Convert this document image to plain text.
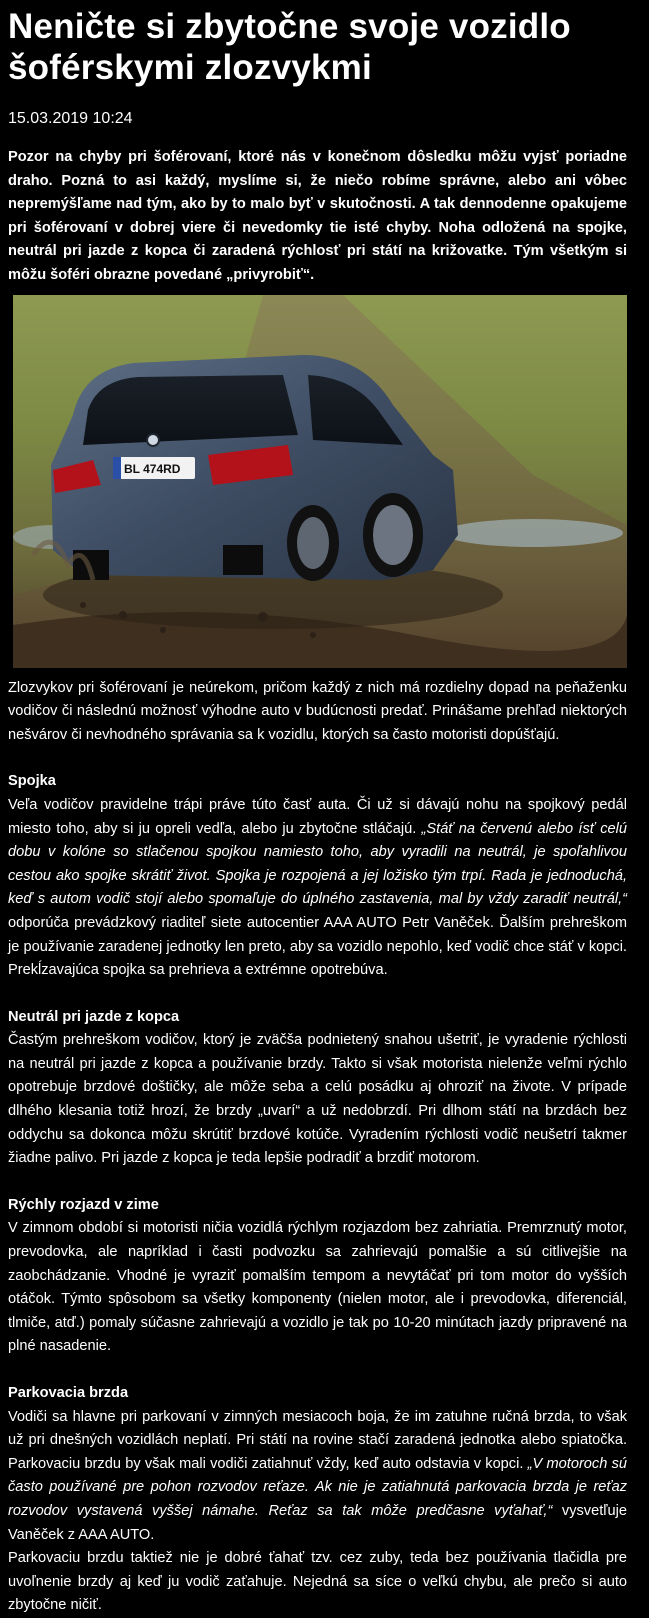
Neničte si zbytočne svoje vozidlo šoférskymi zlozvykmi
15.03.2019 10:24

Pozor na chyby pri šoférovaní, ktoré nás v konečnom dôsledku môžu vyjsť poriadne draho. Pozná to asi každý, myslíme si, že niečo robíme správne, alebo ani vôbec nepremýšľame nad tým, ako by to malo byť v skutočnosti. A tak dennodenne opakujeme pri šoférovaní v dobrej viere či nevedomky tie isté chyby. Noha odložená na spojke, neutrál pri jazde z kopca či zaradená rýchlosť pri státí na križovatke. Tým všetkým si môžu šoféri obrazne povedané „privyrobiť“.

BL 474RD

Zlozvykov pri šoférovaní je neúrekom, pričom každý z nich má rozdielny dopad na peňaženku vodičov či následnú možnosť výhodne auto v budúcnosti predať. Prinášame prehľad niektorých nešvárov či nevhodného správania sa k vozidlu, ktorých sa často motoristi dopúšťajú.

Spojka

Veľa vodičov pravidelne trápi práve túto časť auta. Či už si dávajú nohu na spojkový pedál miesto toho, aby si ju opreli vedľa, alebo ju zbytočne stláčajú. „Stáť na červenú alebo ísť celú dobu v kolóne so stlačenou spojkou namiesto toho, aby vyradili na neutrál, je spoľahlivou cestou ako spojke skrátiť život. Spojka je rozpojená a jej ložisko tým trpí. Rada je jednoduchá, keď s autom vodič stojí alebo spomaľuje do úplného zastavenia, mal by vždy zaradiť neutrál,“ odporúča prevádzkový riaditeľ siete autocentier AAA AUTO Petr Vaněček. Ďalším prehreškom je používanie zaradenej jednotky len preto, aby sa vozidlo nepohlo, keď vodič chce stáť v kopci. Prekĺzavajúca spojka sa prehrieva a extrémne opotrebúva.

Neutrál pri jazde z kopca

Častým prehreškom vodičov, ktorý je zväčša podnietený snahou ušetriť, je vyradenie rýchlosti na neutrál pri jazde z kopca a používanie brzdy. Takto si však motorista nielenže veľmi rýchlo opotrebuje brzdové doštičky, ale môže seba a celú posádku aj ohroziť na živote. V prípade dlhého klesania totiž hrozí, že brzdy „uvarí“ a už nedobrzdí. Pri dlhom státí na brzdách bez oddychu sa dokonca môžu skrútiť brzdové kotúče. Vyradením rýchlosti vodič neušetrí takmer žiadne palivo. Pri jazde z kopca je teda lepšie podradiť a brzdiť motorom.

Rýchly rozjazd v zime

V zimnom období si motoristi ničia vozidlá rýchlym rozjazdom bez zahriatia. Premrznutý motor, prevodovka, ale napríklad i časti podvozku sa zahrievajú pomalšie a sú citlivejšie na zaobchádzanie. Vhodné je vyraziť pomalším tempom a nevytáčať pri tom motor do vyšších otáčok. Týmto spôsobom sa všetky komponenty (nielen motor, ale i prevodovka, diferenciál, tlmiče, atď.) pomaly súčasne zahrievajú a vozidlo je tak po 10-20 minútach jazdy pripravené na plné nasadenie.

Parkovacia brzda

Vodiči sa hlavne pri parkovaní v zimných mesiacoch boja, že im zatuhne ručná brzda, to však už pri dnešných vozidlách neplatí. Pri státí na rovine stačí zaradená jednotka alebo spiatočka. Parkovaciu brzdu by však mali vodiči zatiahnuť vždy, keď auto odstavia v kopci. „V motoroch sú často používané pre pohon rozvodov reťaze. Ak nie je zatiahnutá parkovacia brzda je reťaz rozvodov vystavená vyššej námahe. Reťaz sa tak môže predčasne vyťahať,“ vysvetľuje Vaněček z AAA AUTO.

Parkovaciu brzdu taktiež nie je dobré ťahať tzv. cez zuby, teda bez používania tlačidla pre uvoľnenie brzdy aj keď ju vodič zaťahuje. Nejedná sa síce o veľkú chybu, ale prečo si auto zbytočne ničiť.
